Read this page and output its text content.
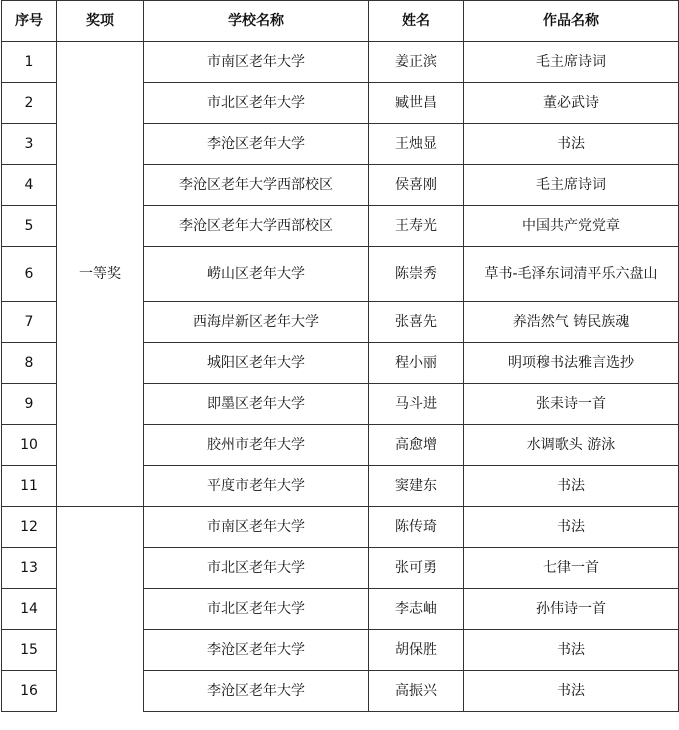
序号	奖项	学校名称	姓名	作品名称
1	一等奖	市南区老年大学	姜正滨	毛主席诗词
2		市北区老年大学	臧世昌	董必武诗
3		李沧区老年大学	王烛显	书法
4		李沧区老年大学西部校区	侯喜刚	毛主席诗词
5		李沧区老年大学西部校区	王寿光	中国共产党党章
6		崂山区老年大学	陈崇秀	草书-毛泽东词清平乐六盘山
7		西海岸新区老年大学	张喜先	养浩然气 铸民族魂
8		城阳区老年大学	程小丽	明项穆书法雅言选抄
9		即墨区老年大学	马斗进	张耒诗一首
10		胶州市老年大学	高愈增	水调歌头 游泳
11		平度市老年大学	窦建东	书法
12		市南区老年大学	陈传琦	书法
13		市北区老年大学	张可勇	七律一首
14		市北区老年大学	李志岫	孙伟诗一首
15		李沧区老年大学	胡保胜	书法
16		李沧区老年大学	高振兴	书法
